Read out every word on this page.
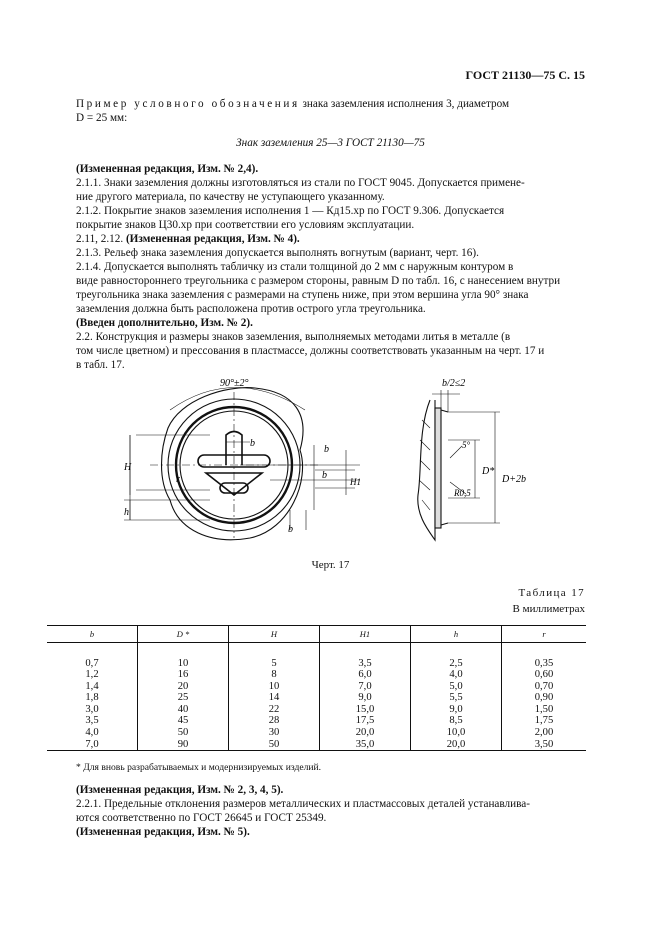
ГОСТ 21130—75 С. 15
Пример условного обозначения знака заземления исполнения 3, диаметром
D = 25 мм:
Знак заземления 25—3 ГОСТ 21130—75
(Измененная редакция, Изм. № 2,4).
2.1.1. Знаки заземления должны изготовляться из стали по ГОСТ 9045. Допускается примене-
ние другого материала, по качеству не уступающего указанному.
2.1.2. Покрытие знаков заземления исполнения 1 — Кд15.хр по ГОСТ 9.306. Допускается
покрытие знаков Ц30.хр при соответствии его условиям эксплуатации.
2.11, 2.12. (Измененная редакция, Изм. № 4).
2.1.3. Рельеф знака заземления допускается выполнять вогнутым (вариант, черт. 16).
2.1.4. Допускается выполнять табличку из стали толщиной до 2 мм с наружным контуром в
виде равностороннего треугольника с размером стороны, равным D по табл. 16, с нанесением внутри
треугольника знака заземления с размерами на ступень ниже, при этом вершина угла 90° знака
заземления должна быть расположена против острого угла треугольника.
(Введен дополнительно, Изм. № 2).
2.2. Конструкция и размеры знаков заземления, выполняемых методами литья в металле (в
том числе цветном) и прессования в пластмассе, должны соответствовать указанным на черт. 17 и
в табл. 17.
90°±2°
b
H
h
r	H1
b
b
b
b/2≤2
5°
D*
D+2b
R0,5
Черт. 17
Таблица 17
В миллиметрах
b	D *	H	H1	h	r

0,7	10	5	3,5	2,5	0,35
1,2	16	8	6,0	4,0	0,60
1,4	20	10	7,0	5,0	0,70
1,8	25	14	9,0	5,5	0,90
3,0	40	22	15,0	9,0	1,50
3,5	45	28	17,5	8,5	1,75
4,0	50	30	20,0	10,0	2,00
7,0	90	50	35,0	20,0	3,50
* Для вновь разрабатываемых и модернизируемых изделий.
(Измененная редакция, Изм. № 2, 3, 4, 5).
2.2.1. Предельные отклонения размеров металлических и пластмассовых деталей устанавлива-
ются соответственно по ГОСТ 26645 и ГОСТ 25349.
(Измененная редакция, Изм. № 5).
